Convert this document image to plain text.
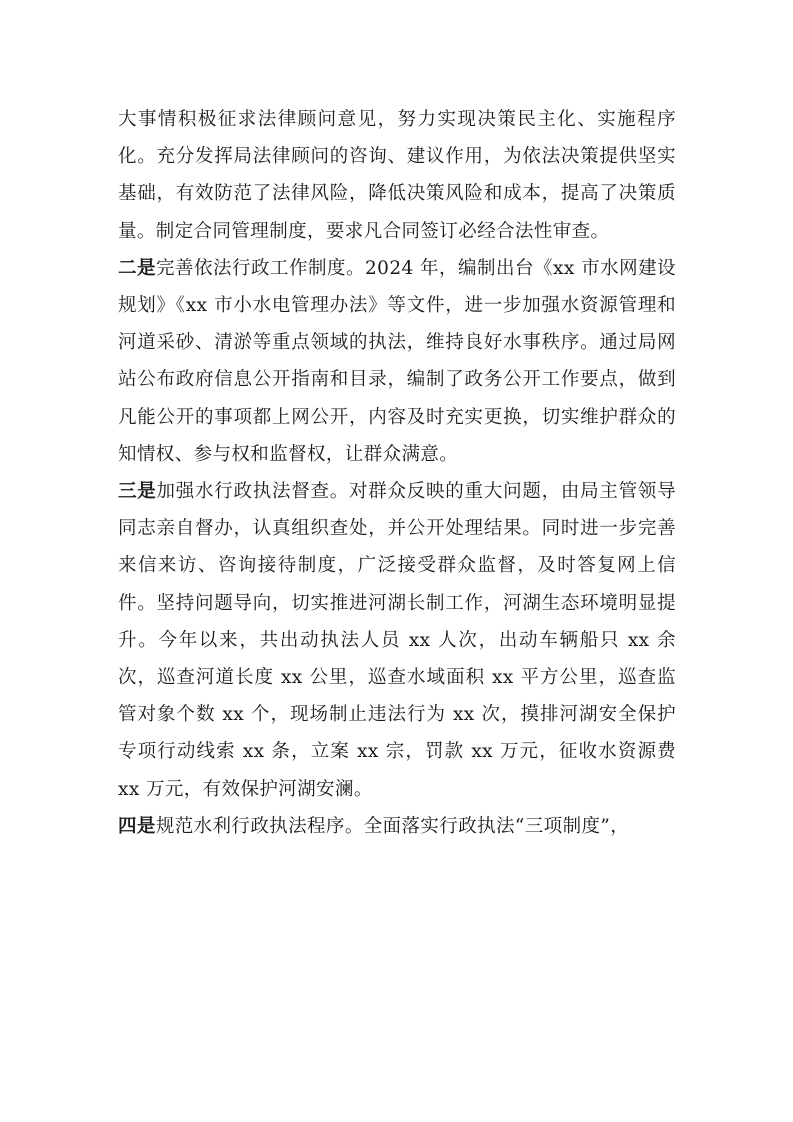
大事情积极征求法律顾问意见，努力实现决策民主化、实施程序化。充分发挥局法律顾问的咨询、建议作用，为依法决策提供坚实基础，有效防范了法律风险，降低决策风险和成本，提高了决策质量。制定合同管理制度，要求凡合同签订必经合法性审查。

二是完善依法行政工作制度。2024 年，编制出台《xx 市水网建设规划》《xx 市小水电管理办法》等文件，进一步加强水资源管理和河道采砂、清淤等重点领域的执法，维持良好水事秩序。通过局网站公布政府信息公开指南和目录，编制了政务公开工作要点，做到凡能公开的事项都上网公开，内容及时充实更换，切实维护群众的知情权、参与权和监督权，让群众满意。

三是加强水行政执法督查。对群众反映的重大问题，由局主管领导同志亲自督办，认真组织查处，并公开处理结果。同时进一步完善来信来访、咨询接待制度，广泛接受群众监督，及时答复网上信件。坚持问题导向，切实推进河湖长制工作，河湖生态环境明显提升。今年以来，共出动执法人员 xx 人次，出动车辆船只 xx 余次，巡查河道长度 xx 公里，巡查水域面积 xx 平方公里，巡查监管对象个数 xx 个，现场制止违法行为 xx 次，摸排河湖安全保护专项行动线索 xx 条，立案 xx 宗，罚款 xx 万元，征收水资源费 xx 万元，有效保护河湖安澜。

四是规范水利行政执法程序。全面落实行政执法“三项制度”，
